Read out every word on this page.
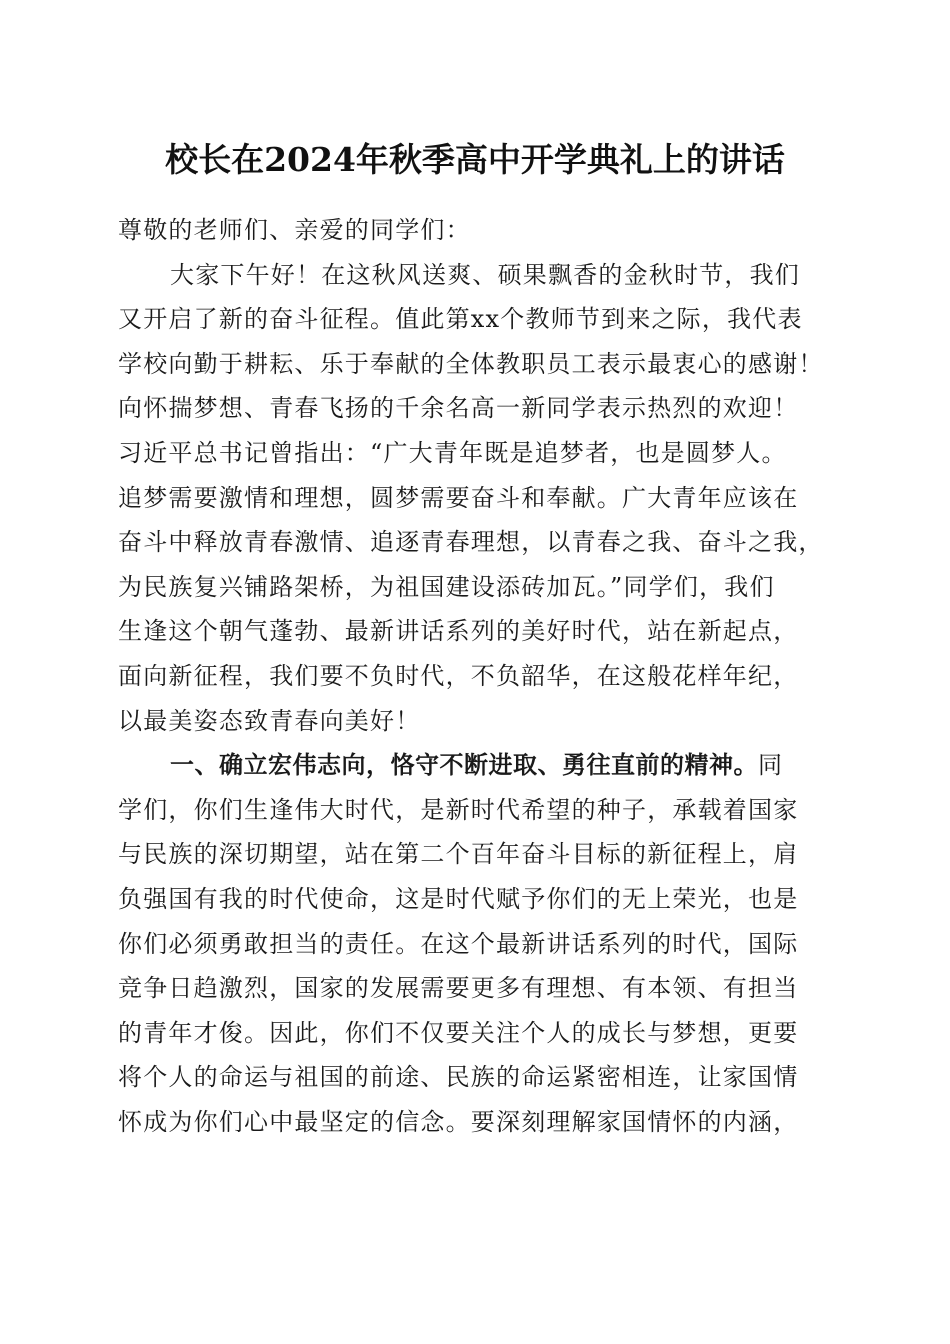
校长在2024年秋季高中开学典礼上的讲话
尊敬的老师们、亲爱的同学们：
大家下午好！在这秋风送爽、硕果飘香的金秋时节，我们
又开启了新的奋斗征程。值此第xx个教师节到来之际，我代表
学校向勤于耕耘、乐于奉献的全体教职员工表示最衷心的感谢！
向怀揣梦想、青春飞扬的千余名高一新同学表示热烈的欢迎！
习近平总书记曾指出：“广大青年既是追梦者，也是圆梦人。
追梦需要激情和理想，圆梦需要奋斗和奉献。广大青年应该在
奋斗中释放青春激情、追逐青春理想，以青春之我、奋斗之我，
为民族复兴铺路架桥，为祖国建设添砖加瓦。”同学们，我们
生逢这个朝气蓬勃、最新讲话系列的美好时代，站在新起点，
面向新征程，我们要不负时代，不负韶华，在这般花样年纪，
以最美姿态致青春向美好！
一、确立宏伟志向，恪守不断进取、勇往直前的精神。同
学们，你们生逢伟大时代，是新时代希望的种子，承载着国家
与民族的深切期望，站在第二个百年奋斗目标的新征程上，肩
负强国有我的时代使命，这是时代赋予你们的无上荣光，也是
你们必须勇敢担当的责任。在这个最新讲话系列的时代，国际
竞争日趋激烈，国家的发展需要更多有理想、有本领、有担当
的青年才俊。因此，你们不仅要关注个人的成长与梦想，更要
将个人的命运与祖国的前途、民族的命运紧密相连，让家国情
怀成为你们心中最坚定的信念。要深刻理解家国情怀的内涵，
